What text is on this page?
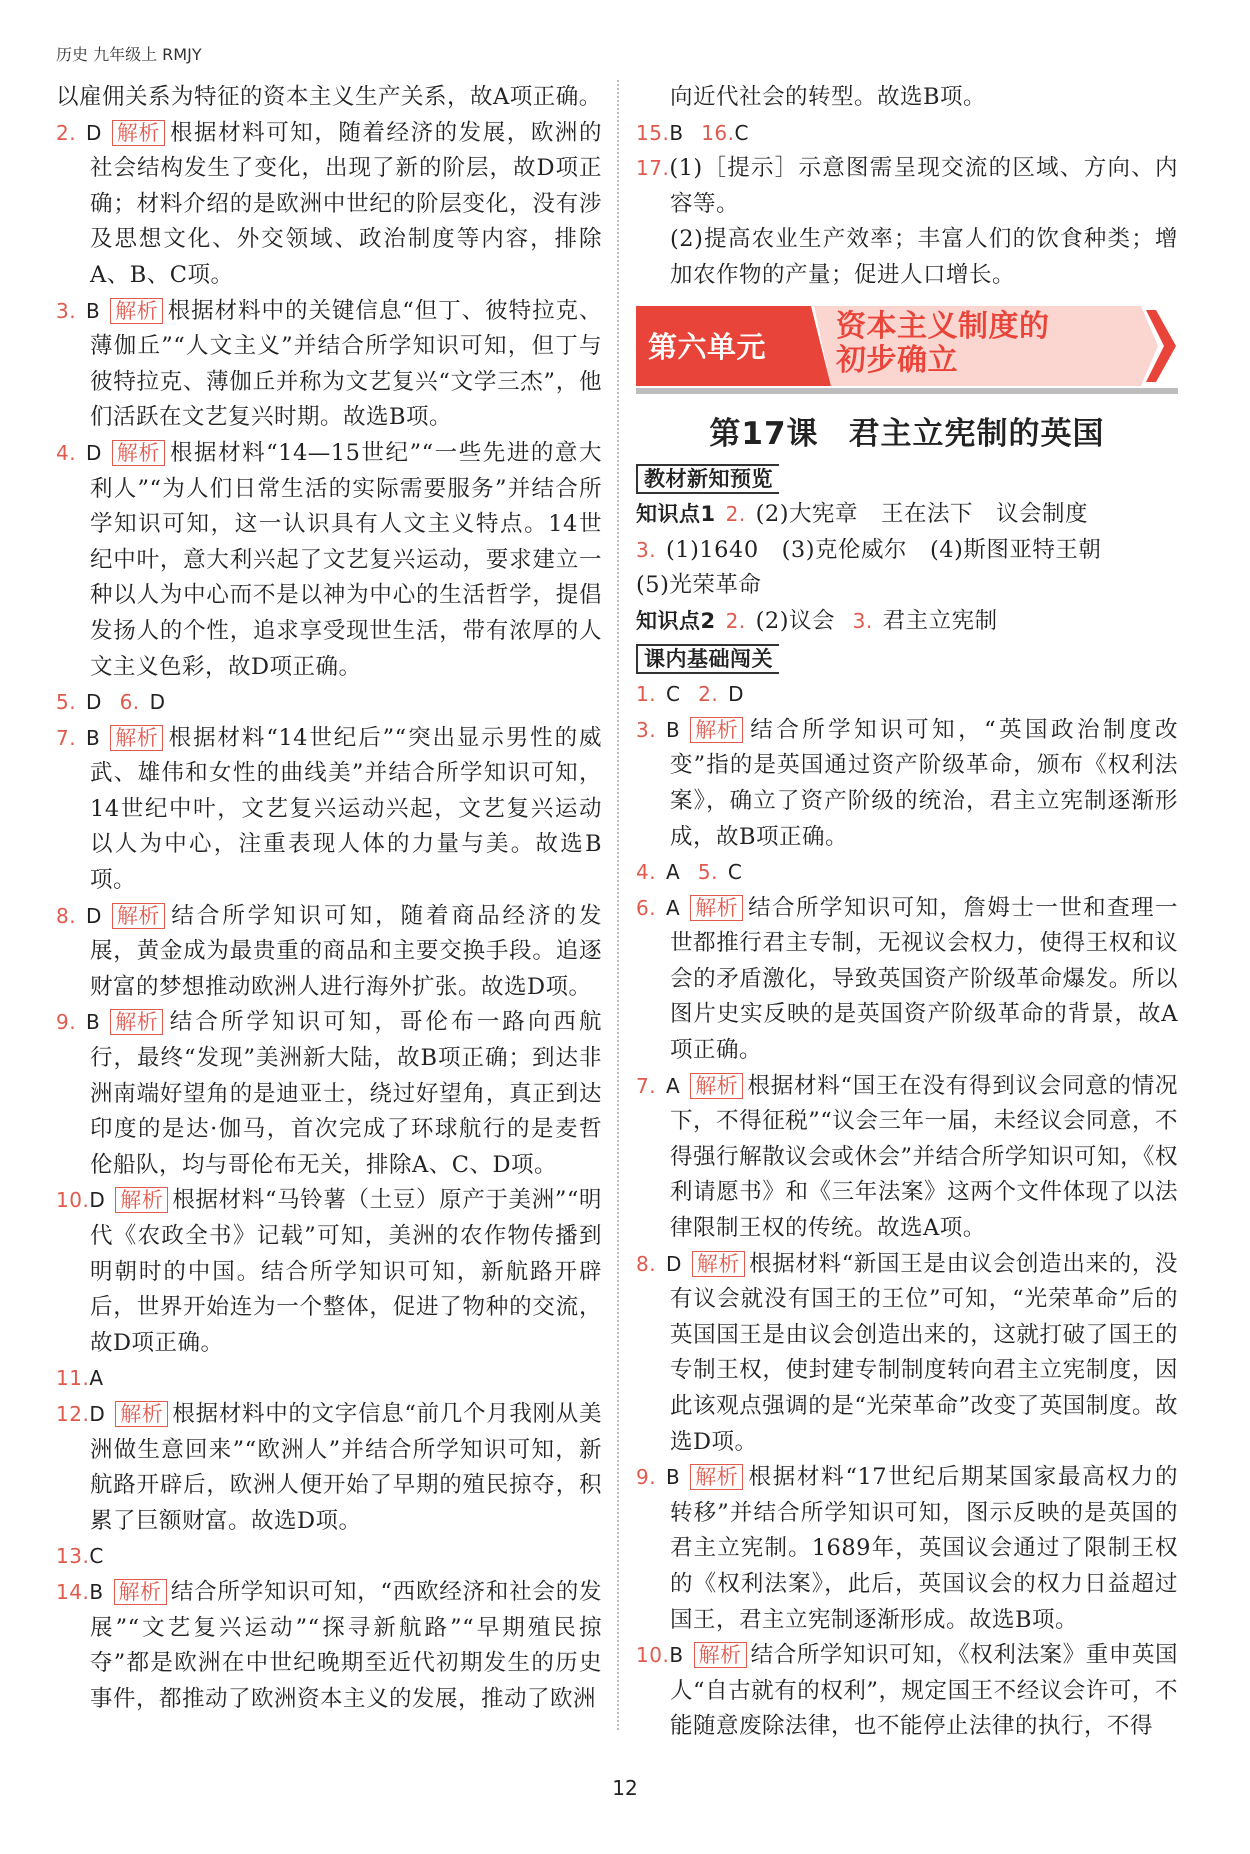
历史 九年级上 RMJY
以雇佣关系为特征的资本主义生产关系，故A项正确。
2. D 解析 根据材料可知，随着经济的发展，欧洲的社会结构发生了变化，出现了新的阶层，故D项正确；材料介绍的是欧洲中世纪的阶层变化，没有涉及思想文化、外交领域、政治制度等内容，排除A、B、C项。
3. B 解析 根据材料中的关键信息“但丁、彼特拉克、薄伽丘”“人文主义”并结合所学知识可知，但丁与彼特拉克、薄伽丘并称为文艺复兴“文学三杰”，他们活跃在文艺复兴时期。故选B项。
4. D 解析 根据材料“14—15世纪”“一些先进的意大利人”“为人们日常生活的实际需要服务”并结合所学知识可知，这一认识具有人文主义特点。14世纪中叶，意大利兴起了文艺复兴运动，要求建立一种以人为中心而不是以神为中心的生活哲学，提倡发扬人的个性，追求享受现世生活，带有浓厚的人文主义色彩，故D项正确。
5. D 6. D
7. B 解析 根据材料“14世纪后”“突出显示男性的威武、雄伟和女性的曲线美”并结合所学知识可知，14世纪中叶，文艺复兴运动兴起，文艺复兴运动以人为中心，注重表现人体的力量与美。故选B项。
8. D 解析 结合所学知识可知，随着商品经济的发展，黄金成为最贵重的商品和主要交换手段。追逐财富的梦想推动欧洲人进行海外扩张。故选D项。
9. B 解析 结合所学知识可知，哥伦布一路向西航行，最终“发现”美洲新大陆，故B项正确；到达非洲南端好望角的是迪亚士，绕过好望角，真正到达印度的是达·伽马，首次完成了环球航行的是麦哲伦船队，均与哥伦布无关，排除A、C、D项。
10.D 解析 根据材料“马铃薯（土豆）原产于美洲”“明代《农政全书》记载”可知，美洲的农作物传播到明朝时的中国。结合所学知识可知，新航路开辟后，世界开始连为一个整体，促进了物种的交流，故D项正确。
11.A
12.D 解析 根据材料中的文字信息“前几个月我刚从美洲做生意回来”“欧洲人”并结合所学知识可知，新航路开辟后，欧洲人便开始了早期的殖民掠夺，积累了巨额财富。故选D项。
13.C
14.B 解析 结合所学知识可知，“西欧经济和社会的发展”“文艺复兴运动”“探寻新航路”“早期殖民掠夺”都是欧洲在中世纪晚期至近代初期发生的历史事件，都推动了欧洲资本主义的发展，推动了欧洲
向近代社会的转型。故选B项。
15.B 16.C
17.(1)［提示］示意图需呈现交流的区域、方向、内容等。
(2)提高农业生产效率；丰富人们的饮食种类；增加农作物的产量；促进人口增长。
第六单元
资本主义制度的初步确立
第17课 君主立宪制的英国
教材新知预览
知识点1 2. (2)大宪章　王在法下　议会制度
3. (1)1640　(3)克伦威尔　(4)斯图亚特王朝
(5)光荣革命
知识点2 2. (2)议会 3. 君主立宪制
课内基础闯关
1. C 2. D
3. B 解析 结合所学知识可知，“英国政治制度改变”指的是英国通过资产阶级革命，颁布《权利法案》，确立了资产阶级的统治，君主立宪制逐渐形成，故B项正确。
4. A 5. C
6. A 解析 结合所学知识可知，詹姆士一世和查理一世都推行君主专制，无视议会权力，使得王权和议会的矛盾激化，导致英国资产阶级革命爆发。所以图片史实反映的是英国资产阶级革命的背景，故A项正确。
7. A 解析 根据材料“国王在没有得到议会同意的情况下，不得征税”“议会三年一届，未经议会同意，不得强行解散议会或休会”并结合所学知识可知，《权利请愿书》和《三年法案》这两个文件体现了以法律限制王权的传统。故选A项。
8. D 解析 根据材料“新国王是由议会创造出来的，没有议会就没有国王的王位”可知，“光荣革命”后的英国国王是由议会创造出来的，这就打破了国王的专制王权，使封建专制制度转向君主立宪制度，因此该观点强调的是“光荣革命”改变了英国制度。故选D项。
9. B 解析 根据材料“17世纪后期某国家最高权力的转移”并结合所学知识可知，图示反映的是英国的君主立宪制。1689年，英国议会通过了限制王权的《权利法案》，此后，英国议会的权力日益超过国王，君主立宪制逐渐形成。故选B项。
10.B 解析 结合所学知识可知，《权利法案》重申英国人“自古就有的权利”，规定国王不经议会许可，不能随意废除法律，也不能停止法律的执行，不得
12
